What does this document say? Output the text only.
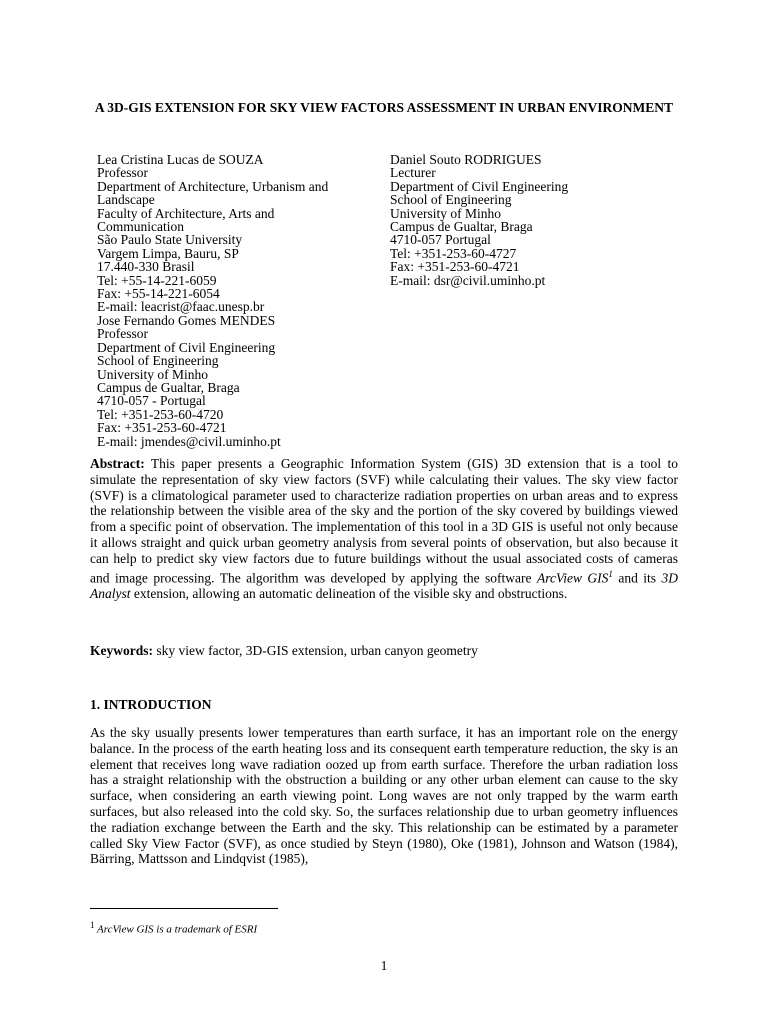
A 3D-GIS EXTENSION FOR SKY VIEW FACTORS ASSESSMENT IN URBAN ENVIRONMENT
Lea Cristina Lucas de SOUZA
Professor
Department of Architecture, Urbanism and
Landscape
Faculty of Architecture, Arts and
Communication
São Paulo State University
Vargem Limpa, Bauru, SP
17.440-330 Brasil
Tel: +55-14-221-6059
Fax: +55-14-221-6054
E-mail: leacrist@faac.unesp.br
Jose Fernando Gomes MENDES
Professor
Department of Civil Engineering
School of Engineering
University of Minho
Campus de Gualtar, Braga
4710-057 - Portugal
Tel: +351-253-60-4720
Fax: +351-253-60-4721
E-mail: jmendes@civil.uminho.pt
Daniel Souto RODRIGUES
Lecturer
Department of Civil Engineering
School of Engineering
University of Minho
Campus de Gualtar, Braga
4710-057 Portugal
Tel: +351-253-60-4727
Fax: +351-253-60-4721
E-mail: dsr@civil.uminho.pt
Abstract: This paper presents a Geographic Information System (GIS) 3D extension that is a tool to simulate the representation of sky view factors (SVF) while calculating their values. The sky view factor (SVF) is a climatological parameter used to characterize radiation properties on urban areas and to express the relationship between the visible area of the sky and the portion of the sky covered by buildings viewed from a specific point of observation. The implementation of this tool in a 3D GIS is useful not only because it allows straight and quick urban geometry analysis from several points of observation, but also because it can help to predict sky view factors due to future buildings without the usual associated costs of cameras and image processing. The algorithm was developed by applying the software ArcView GIS$^1$ and its 3D Analyst extension, allowing an automatic delineation of the visible sky and obstructions.
Keywords: sky view factor, 3D-GIS extension, urban canyon geometry
1. INTRODUCTION
As the sky usually presents lower temperatures than earth surface, it has an important role on the energy balance. In the process of the earth heating loss and its consequent earth temperature reduction, the sky is an element that receives long wave radiation oozed up from earth surface. Therefore the urban radiation loss has a straight relationship with the obstruction a building or any other urban element can cause to the sky surface, when considering an earth viewing point. Long waves are not only trapped by the warm earth surfaces, but also released into the cold sky. So, the surfaces relationship due to urban geometry influences the radiation exchange between the Earth and the sky. This relationship can be estimated by a parameter called Sky View Factor (SVF), as once studied by Steyn (1980), Oke (1981), Johnson and Watson (1984), Bärring, Mattsson and Lindqvist (1985),
$^1$ ArcView GIS is a trademark of ESRI
1
